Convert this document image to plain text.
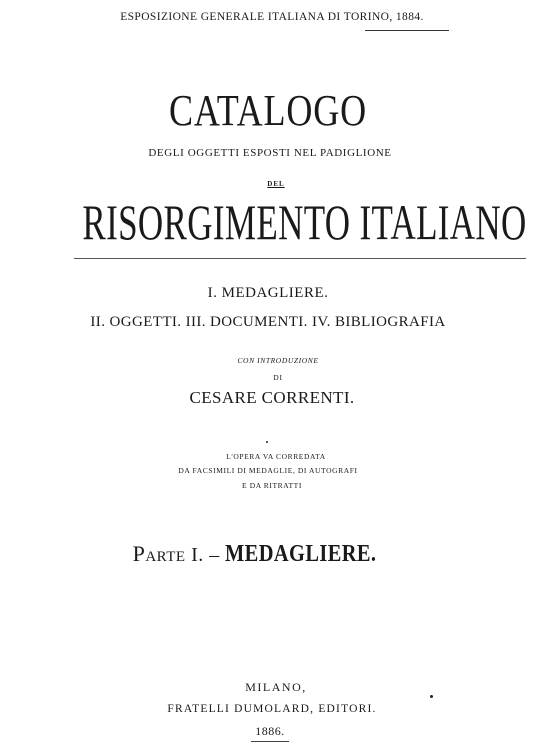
ESPOSIZIONE GENERALE ITALIANA DI TORINO, 1884.
CATALOGO
DEGLI OGGETTI ESPOSTI NEL PADIGLIONE
DEL
RISORGIMENTO ITALIANO
I. MEDAGLIERE.
II. OGGETTI. III. DOCUMENTI. IV. BIBLIOGRAFIA
CON INTRODUZIONE
DI
CESARE CORRENTI.
L'OPERA VA CORREDATA
DA FACSIMILI DI MEDAGLIE, DI AUTOGRAFI
E DA RITRATTI
PARTE I. – MEDAGLIERE.
MILANO,
FRATELLI DUMOLARD, EDITORI.
1886.
